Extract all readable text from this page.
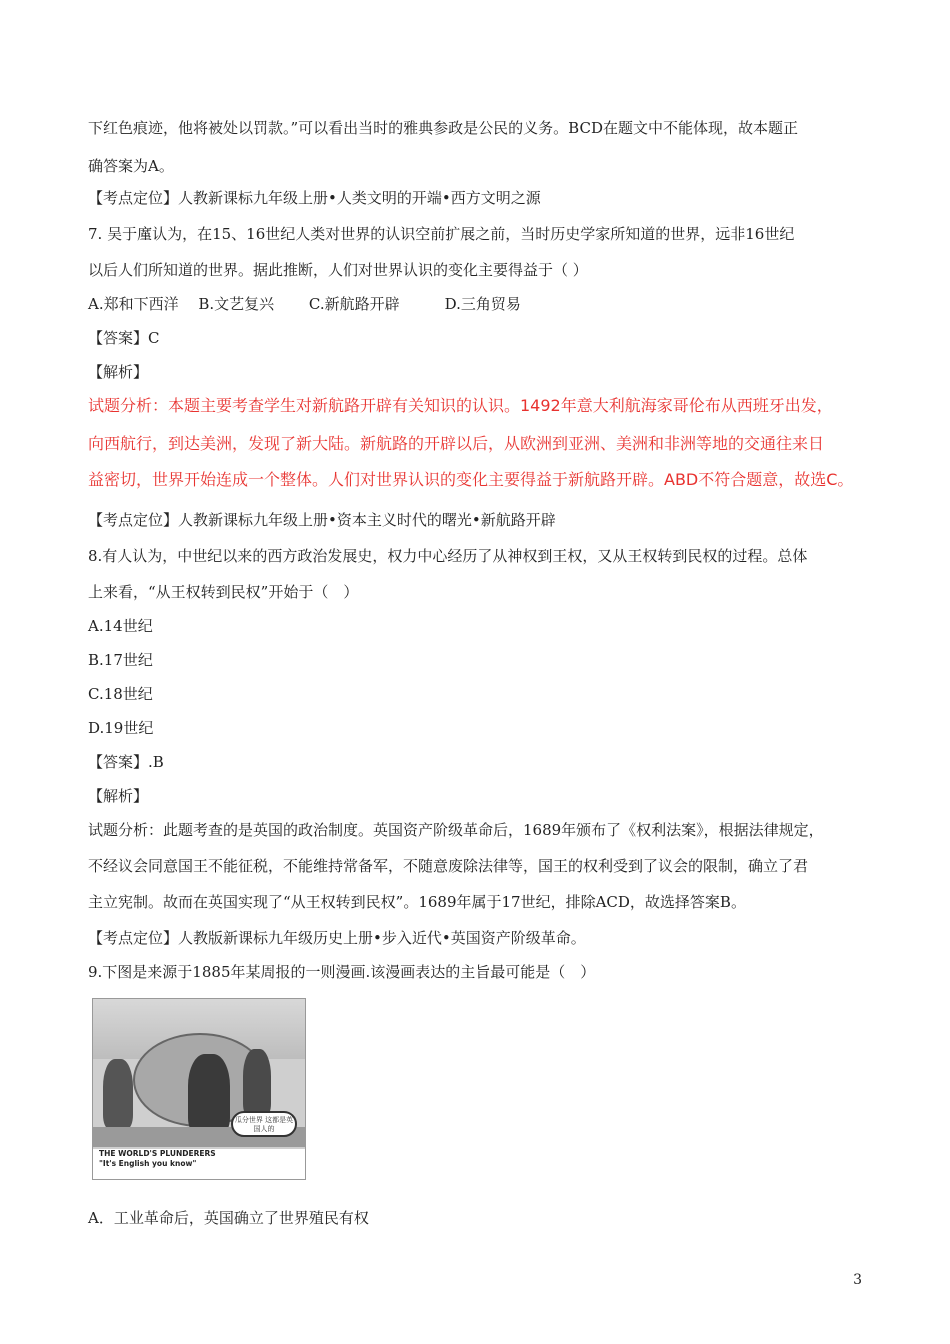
下红色痕迹，他将被处以罚款。”可以看出当时的雅典参政是公民的义务。BCD在题文中不能体现，故本题正
确答案为A。
【考点定位】人教新课标九年级上册•人类文明的开端•西方文明之源
7. 吴于廑认为，在15、16世纪人类对世界的认识空前扩展之前，当时历史学家所知道的世界，远非16世纪
以后人们所知道的世界。据此推断，人们对世界认识的变化主要得益于（ ）
A.郑和下西洋　 B.文艺复兴　　 C.新航路开辟　　　D.三角贸易
【答案】C
【解析】
试题分析：本题主要考查学生对新航路开辟有关知识的认识。1492年意大利航海家哥伦布从西班牙出发，
向西航行，到达美洲，发现了新大陆。新航路的开辟以后，从欧洲到亚洲、美洲和非洲等地的交通往来日
益密切，世界开始连成一个整体。人们对世界认识的变化主要得益于新航路开辟。ABD不符合题意，故选C。
【考点定位】人教新课标九年级上册•资本主义时代的曙光•新航路开辟
8.有人认为，中世纪以来的西方政治发展史，权力中心经历了从神权到王权，又从王权转到民权的过程。总体
上来看，“从王权转到民权”开始于（　）
A.14世纪
B.17世纪
C.18世纪
D.19世纪
【答案】.B
【解析】
试题分析：此题考查的是英国的政治制度。英国资产阶级革命后，1689年颁布了《权利法案》，根据法律规定，
不经议会同意国王不能征税，不能维持常备军，不随意废除法律等，国王的权利受到了议会的限制，确立了君
主立宪制。故而在英国实现了“从王权转到民权”。1689年属于17世纪，排除ACD，故选择答案B。
【考点定位】人教版新课标九年级历史上册•步入近代•英国资产阶级革命。
9.下图是来源于1885年某周报的一则漫画.该漫画表达的主旨最可能是（　）
瓜分世界 这都是英国人的
THE WORLD'S PLUNDERERS
"It's English you know"
A．工业革命后，英国确立了世界殖民有权
3
